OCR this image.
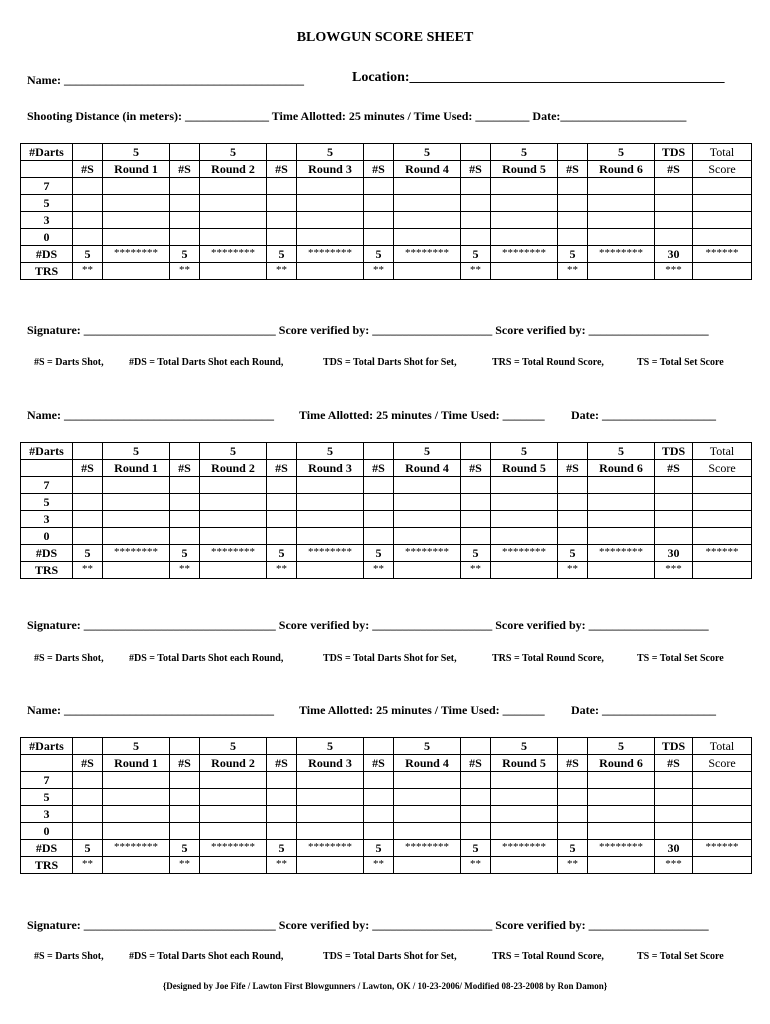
BLOWGUN SCORE SHEET
Name: ________________________________________	Location:_____________________________________________
Shooting Distance (in meters): ______________ Time Allotted: 25 minutes / Time Used: _________ Date:_____________________
#Darts		5		5		5		5		5		5	TDS	Total
	#S	Round 1	#S	Round 2	#S	Round 3	#S	Round 4	#S	Round 5	#S	Round 6	#S	Score
7														
5														
3														
0														
#DS	5	********	5	********	5	********	5	********	5	********	5	********	30	******
TRS	**		**		**		**		**		**		***	
Name: ___________________________________ Time Allotted: 25 minutes / Time Used: _______ Date: ___________________
#Darts		5		5		5		5		5		5	TDS	Total
	#S	Round 1	#S	Round 2	#S	Round 3	#S	Round 4	#S	Round 5	#S	Round 6	#S	Score
7														
5														
3														
0														
#DS	5	********	5	********	5	********	5	********	5	********	5	********	30	******
TRS	**		**		**		**		**		**		***	
Name: ___________________________________ Time Allotted: 25 minutes / Time Used: _______ Date: ___________________
#Darts		5		5		5		5		5		5	TDS	Total
	#S	Round 1	#S	Round 2	#S	Round 3	#S	Round 4	#S	Round 5	#S	Round 6	#S	Score
7														
5														
3														
0														
#DS	5	********	5	********	5	********	5	********	5	********	5	********	30	******
TRS	**		**		**		**		**		**		***	
Signature: ________________________________ Score verified by: ____________________ Score verified by: ____________________
Signature: ________________________________ Score verified by: ____________________ Score verified by: ____________________
Signature: ________________________________ Score verified by: ____________________ Score verified by: ____________________
#S = Darts Shot,	#DS = Total Darts Shot each Round,	TDS = Total Darts Shot for Set,	TRS = Total Round Score,	TS = Total Set Score
#S = Darts Shot,	#DS = Total Darts Shot each Round,	TDS = Total Darts Shot for Set,	TRS = Total Round Score,	TS = Total Set Score
#S = Darts Shot,	#DS = Total Darts Shot each Round,	TDS = Total Darts Shot for Set,	TRS = Total Round Score,	TS = Total Set Score
{Designed by Joe Fife / Lawton First Blowgunners / Lawton, OK / 10-23-2006/ Modified 08-23-2008 by Ron Damon}
